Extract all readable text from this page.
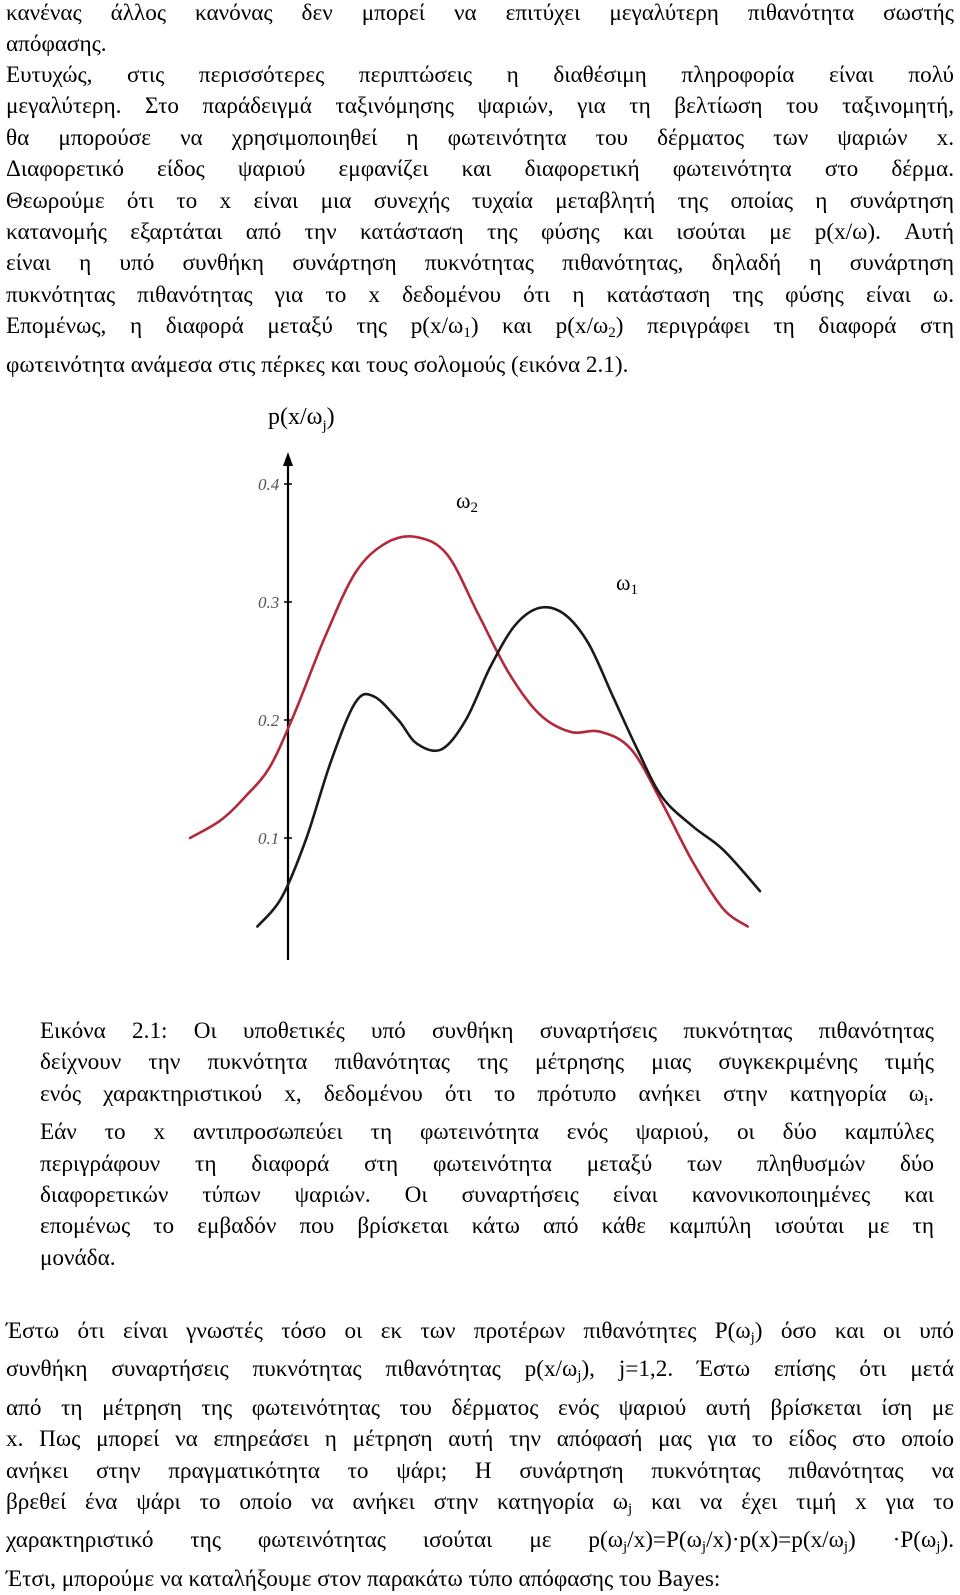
κανένας άλλος κανόνας δεν μπορεί να επιτύχει μεγαλύτερη πιθανότητα σωστής
απόφασης.
Ευτυχώς, στις περισσότερες περιπτώσεις η διαθέσιμη πληροφορία είναι πολύ
μεγαλύτερη. Στο παράδειγμά ταξινόμησης ψαριών, για τη βελτίωση του ταξινομητή,
θα μπορούσε να χρησιμοποιηθεί η φωτεινότητα του δέρματος των ψαριών x.
Διαφορετικό είδος ψαριού εμφανίζει και διαφορετική φωτεινότητα στο δέρμα.
Θεωρούμε ότι το x είναι μια συνεχής τυχαία μεταβλητή της οποίας η συνάρτηση
κατανομής εξαρτάται από την κατάσταση της φύσης και ισούται με p(x/ω). Αυτή
είναι η υπό συνθήκη συνάρτηση πυκνότητας πιθανότητας, δηλαδή η συνάρτηση
πυκνότητας πιθανότητας για το x δεδομένου ότι η κατάσταση της φύσης είναι ω.
Επομένως, η διαφορά μεταξύ της $p(x/\omega_1)$ και $p(x/\omega_2)$ περιγράφει τη διαφορά στη
φωτεινότητα ανάμεσα στις πέρκες και τους σολομούς (εικόνα 2.1).
$p(x/\omega_j)$
0.4
0.3
0.2
0.1
ω2
ω1
Εικόνα 2.1: Οι υποθετικές υπό συνθήκη συναρτήσεις πυκνότητας πιθανότητας
δείχνουν την πυκνότητα πιθανότητας της μέτρησης μιας συγκεκριμένης τιμής
ενός χαρακτηριστικού x, δεδομένου ότι το πρότυπο ανήκει στην κατηγορία $\omega_i$.
Εάν το x αντιπροσωπεύει τη φωτεινότητα ενός ψαριού, οι δύο καμπύλες
περιγράφουν τη διαφορά στη φωτεινότητα μεταξύ των πληθυσμών δύο
διαφορετικών τύπων ψαριών. Οι συναρτήσεις είναι κανονικοποιημένες και
επομένως το εμβαδόν που βρίσκεται κάτω από κάθε καμπύλη ισούται με τη
μονάδα.
Έστω ότι είναι γνωστές τόσο οι εκ των προτέρων πιθανότητες $P(\omega_j)$ όσο και οι υπό
συνθήκη συναρτήσεις πυκνότητας πιθανότητας $p(x/\omega_j)$, j=1,2. Έστω επίσης ότι μετά
από τη μέτρηση της φωτεινότητας του δέρματος ενός ψαριού αυτή βρίσκεται ίση με
x. Πως μπορεί να επηρεάσει η μέτρηση αυτή την απόφασή μας για το είδος στο οποίο
ανήκει στην πραγματικότητα το ψάρι; Η συνάρτηση πυκνότητας πιθανότητας να
βρεθεί ένα ψάρι το οποίο να ανήκει στην κατηγορία $\omega_j$ και να έχει τιμή x για το
χαρακτηριστικό της φωτεινότητας ισούται με $p(\omega_j/x)=P(\omega_j/x)\cdot p(x)=p(x/\omega_j) \cdot P(\omega_j)$.
Έτσι, μπορούμε να καταλήξουμε στον παρακάτω τύπο απόφασης του Bayes:
